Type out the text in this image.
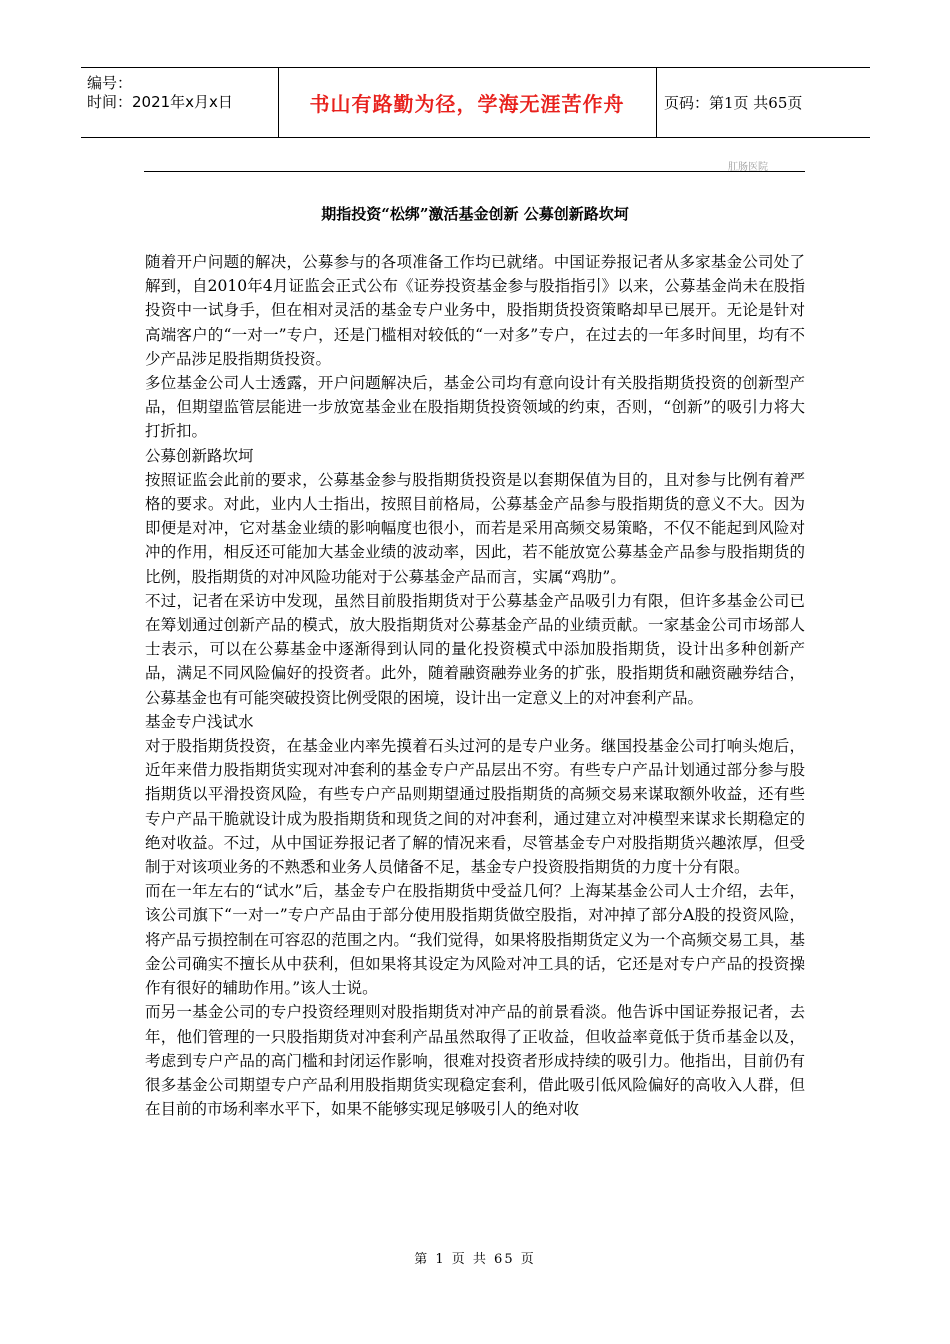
编号：
时间：2021年x月x日	书山有路勤为径，学海无涯苦作舟	页码：第1页 共65页
肛肠医院
期指投资“松绑”激活基金创新 公募创新路坎坷

随着开户问题的解决，公募参与的各项准备工作均已就绪。中国证券报记者从多家基金公司处了解到，自2010年4月证监会正式公布《证券投资基金参与股指指引》以来，公募基金尚未在股指投资中一试身手，但在相对灵活的基金专户业务中，股指期货投资策略却早已展开。无论是针对高端客户的“一对一”专户，还是门槛相对较低的“一对多”专户，在过去的一年多时间里，均有不少产品涉足股指期货投资。

多位基金公司人士透露，开户问题解决后，基金公司均有意向设计有关股指期货投资的创新型产品，但期望监管层能进一步放宽基金业在股指期货投资领域的约束，否则，“创新”的吸引力将大打折扣。

公募创新路坎坷

按照证监会此前的要求，公募基金参与股指期货投资是以套期保值为目的，且对参与比例有着严格的要求。对此，业内人士指出，按照目前格局，公募基金产品参与股指期货的意义不大。因为即便是对冲，它对基金业绩的影响幅度也很小，而若是采用高频交易策略，不仅不能起到风险对冲的作用，相反还可能加大基金业绩的波动率，因此，若不能放宽公募基金产品参与股指期货的比例，股指期货的对冲风险功能对于公募基金产品而言，实属“鸡肋”。

不过，记者在采访中发现，虽然目前股指期货对于公募基金产品吸引力有限，但许多基金公司已在筹划通过创新产品的模式，放大股指期货对公募基金产品的业绩贡献。一家基金公司市场部人士表示，可以在公募基金中逐渐得到认同的量化投资模式中添加股指期货，设计出多种创新产品，满足不同风险偏好的投资者。此外，随着融资融券业务的扩张，股指期货和融资融券结合，公募基金也有可能突破投资比例受限的困境，设计出一定意义上的对冲套利产品。

基金专户浅试水

对于股指期货投资，在基金业内率先摸着石头过河的是专户业务。继国投基金公司打响头炮后，近年来借力股指期货实现对冲套利的基金专户产品层出不穷。有些专户产品计划通过部分参与股指期货以平滑投资风险，有些专户产品则期望通过股指期货的高频交易来谋取额外收益，还有些专户产品干脆就设计成为股指期货和现货之间的对冲套利，通过建立对冲模型来谋求长期稳定的绝对收益。不过，从中国证券报记者了解的情况来看，尽管基金专户对股指期货兴趣浓厚，但受制于对该项业务的不熟悉和业务人员储备不足，基金专户投资股指期货的力度十分有限。

而在一年左右的“试水”后，基金专户在股指期货中受益几何？上海某基金公司人士介绍，去年，该公司旗下“一对一”专户产品由于部分使用股指期货做空股指，对冲掉了部分A股的投资风险，将产品亏损控制在可容忍的范围之内。“我们觉得，如果将股指期货定义为一个高频交易工具，基金公司确实不擅长从中获利，但如果将其设定为风险对冲工具的话，它还是对专户产品的投资操作有很好的辅助作用。”该人士说。

而另一基金公司的专户投资经理则对股指期货对冲产品的前景看淡。他告诉中国证券报记者，去年，他们管理的一只股指期货对冲套利产品虽然取得了正收益，但收益率竟低于货币基金以及，考虑到专户产品的高门槛和封闭运作影响，很难对投资者形成持续的吸引力。他指出，目前仍有很多基金公司期望专户产品利用股指期货实现稳定套利，借此吸引低风险偏好的高收入人群，但在目前的市场利率水平下，如果不能够实现足够吸引人的绝对收

第 1 页 共 65 页
